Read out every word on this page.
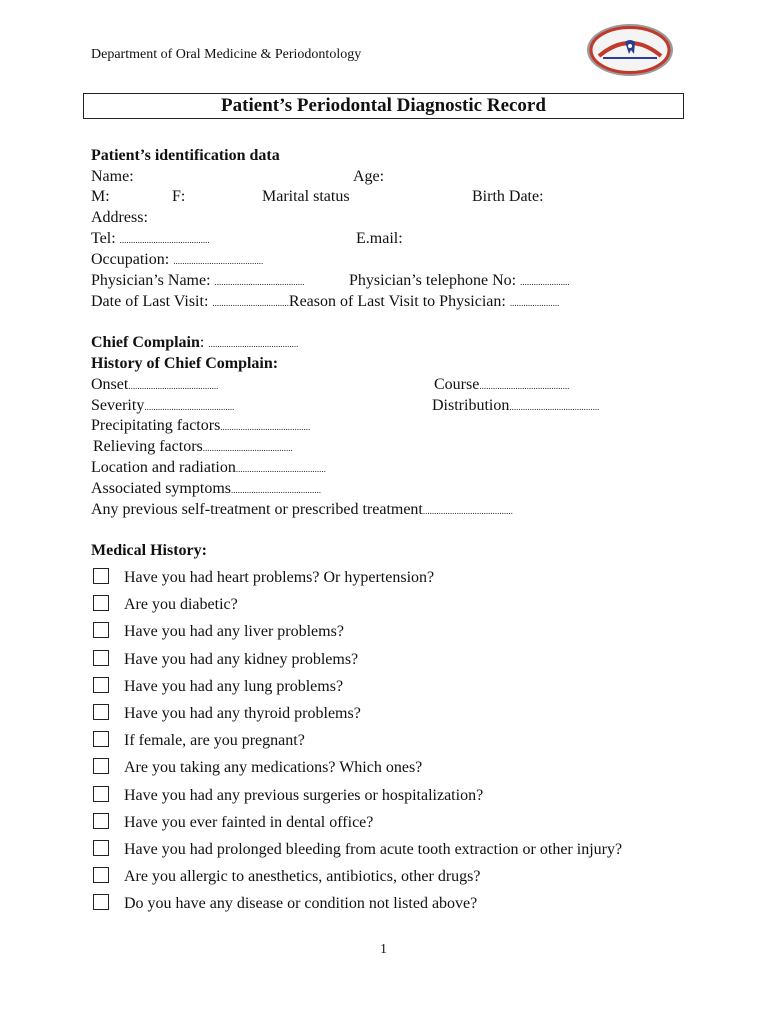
Department of Oral Medicine & Periodontology
Patient’s Periodontal Diagnostic Record
Patient’s identification data
Name:	Age:
M:	F:	Marital status	Birth Date:
Address:
Tel: ........................................	E.mail:
Occupation: ........................................
Physician’s Name: ........................................	Physician’s telephone No: ......................
Date of Last Visit: ..................................Reason of Last Visit to Physician: ......................
Chief Complain: ........................................
History of Chief Complain:
Onset........................................	Course........................................
Severity........................................	Distribution........................................
Precipitating factors........................................
Relieving factors........................................
Location and radiation........................................
Associated symptoms........................................
Any previous self-treatment or prescribed treatment........................................
Medical History:
Have you had heart problems? Or hypertension?
Are you diabetic?
Have you had any liver problems?
Have you had any kidney problems?
Have you had any lung problems?
Have you had any thyroid problems?
If female, are you pregnant?
Are you taking any medications? Which ones?
Have you had any previous surgeries or hospitalization?
Have you ever fainted in dental office?
Have you had prolonged bleeding from acute tooth extraction or other injury?
Are you allergic to anesthetics, antibiotics, other drugs?
Do you have any disease or condition not listed above?
1
